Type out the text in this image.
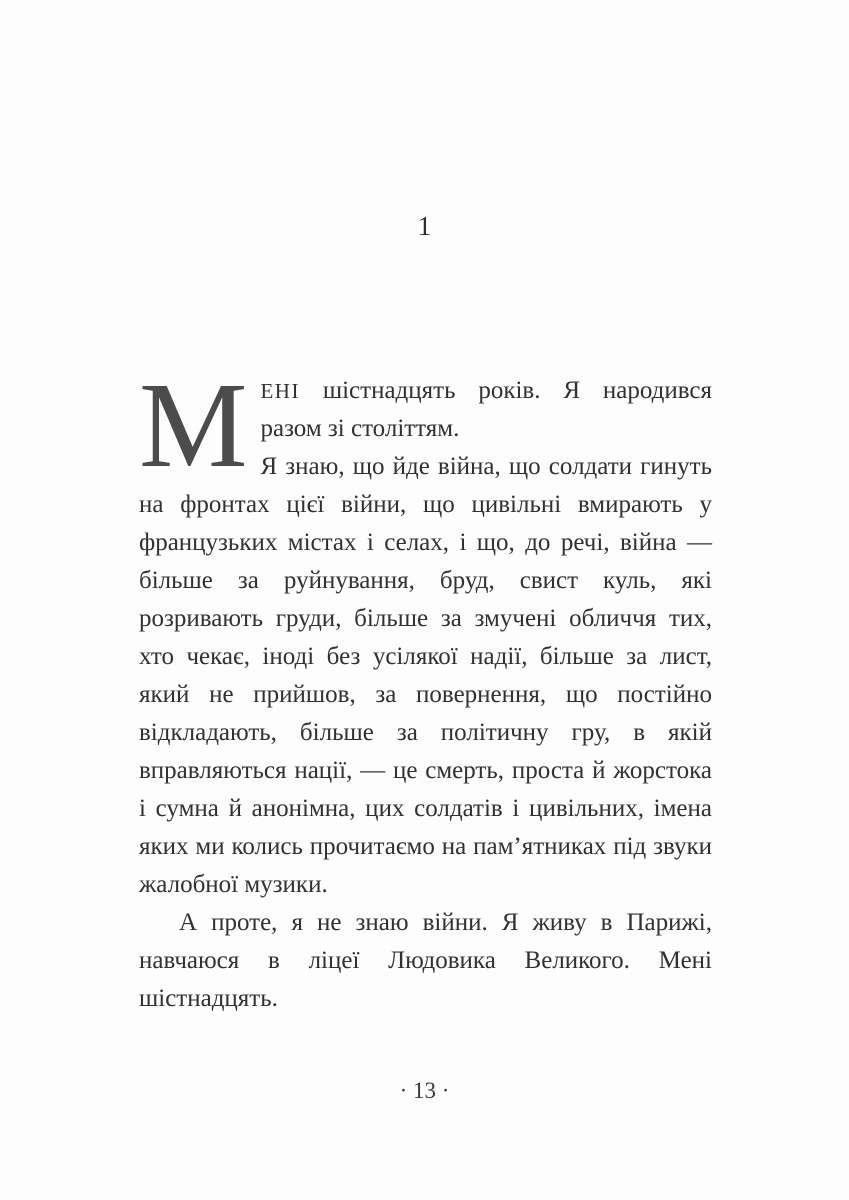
1

МЕНІ шістнадцять років. Я народився разом зі століттям.

Я знаю, що йде війна, що солдати гинуть на фронтах цієї війни, що цивільні вмирають у французьких містах і селах, і що, до речі, війна — більше за руйнування, бруд, свист куль, які розривають груди, більше за змучені обличчя тих, хто чекає, іноді без усілякої надії, більше за лист, який не прийшов, за повернення, що постійно відкладають, більше за політичну гру, в якій вправляються нації, — це смерть, проста й жорстока і сумна й анонімна, цих солдатів і цивільних, імена яких ми колись прочитаємо на пам’ятниках під звуки жалобної музики.

А проте, я не знаю війни. Я живу в Парижі, навчаюся в ліцеї Людовика Великого. Мені шістнадцять.

· 13 ·
